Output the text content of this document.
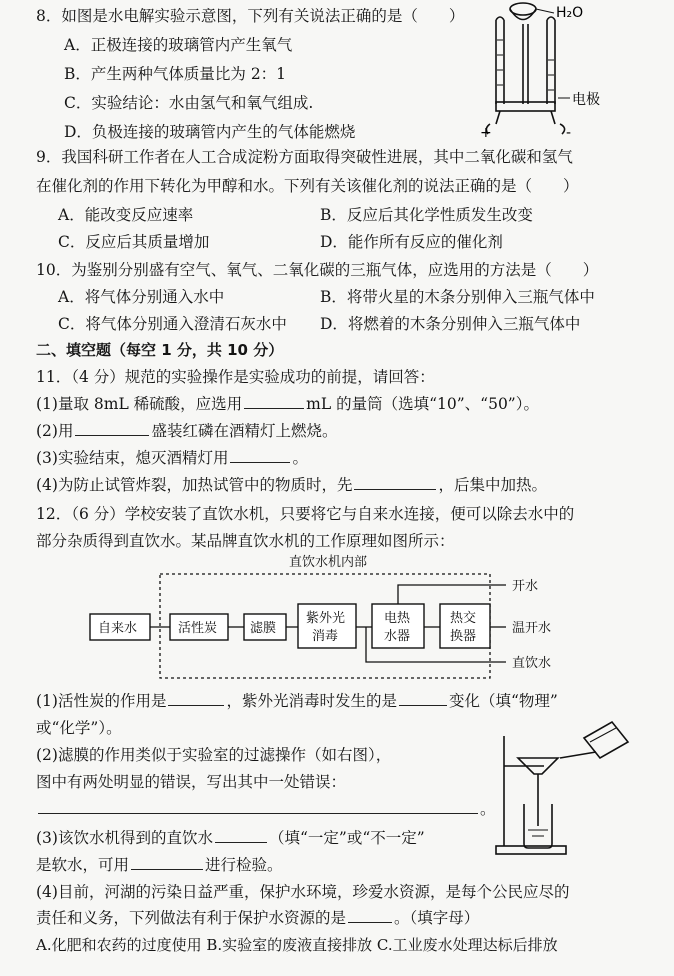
8．如图是水电解实验示意图，下列有关说法正确的是（　　）
A．正极连接的玻璃管内产生氧气
B．产生两种气体质量比为 2：1
C．实验结论：水由氢气和氧气组成.
D．负极连接的玻璃管内产生的气体能燃烧
H₂O
电极
+	-
9．我国科研工作者在人工合成淀粉方面取得突破性进展，其中二氧化碳和氢气
在催化剂的作用下转化为甲醇和水。下列有关该催化剂的说法正确的是（　　）
A．能改变反应速率	B．反应后其化学性质发生改变
C．反应后其质量增加	D．能作所有反应的催化剂
10．为鉴别分别盛有空气、氧气、二氧化碳的三瓶气体，应选用的方法是（　　）
A．将气体分别通入水中	B．将带火星的木条分别伸入三瓶气体中
C．将气体分别通入澄清石灰水中 D．将燃着的木条分别伸入三瓶气体中
二、填空题（每空 1 分，共 10 分）
11．（4 分）规范的实验操作是实验成功的前提，请回答：
(1)量取 8mL 稀硫酸，应选用	mL 的量筒（选填“10”、“50”）。
(2)用	盛装红磷在酒精灯上燃烧。
(3)实验结束，熄灭酒精灯用	。
(4)为防止试管炸裂，加热试管中的物质时，先	，后集中加热。
12．（6 分）学校安装了直饮水机，只要将它与自来水连接，便可以除去水中的
部分杂质得到直饮水。某品牌直饮水机的工作原理如图所示：
直饮水机内部
自来水	活性炭	滤膜
紫外光
消毒
电热
水器
热交
换器
开水
温开水
直饮水
(1)活性炭的作用是	，紫外光消毒时发生的是	变化（填“物理”
或“化学”）。
(2)滤膜的作用类似于实验室的过滤操作（如右图），
图中有两处明显的错误，写出其中一处错误：
。
(3)该饮水机得到的直饮水	（填“一定”或“不一定”
是软水，可用	进行检验。
(4)目前，河湖的污染日益严重，保护水环境，珍爱水资源，是每个公民应尽的
责任和义务，下列做法有利于保护水资源的是	。（填字母）
A.化肥和农药的过度使用 B.实验室的废液直接排放 C.工业废水处理达标后排放
